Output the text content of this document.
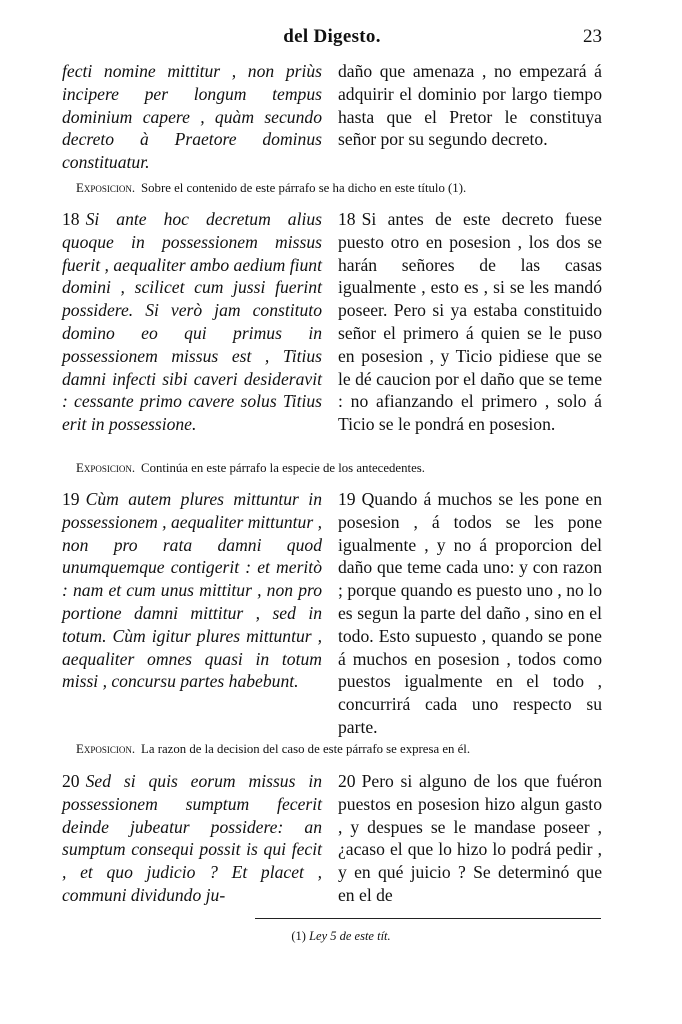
del Digesto.	23

fecti nomine mittitur , non priùs incipere per longum tempus dominium capere , quàm secundo decreto à Praetore dominus constituatur.

daño que amenaza , no empezará á adquirir el dominio por largo tiempo hasta que el Pretor le constituya señor por su segundo decreto.

Exposicion. Sobre el contenido de este párrafo se ha dicho en este título (1).

18 Si ante hoc decretum alius quoque in possessionem missus fuerit , aequaliter ambo aedium fiunt domini , scilicet cum jussi fuerint possidere. Si verò jam constituto domino eo qui primus in possessionem missus est , Titius damni infecti sibi caveri desideravit : cessante primo cavere solus Titius erit in possessione.

18 Si antes de este decreto fuese puesto otro en posesion , los dos se harán señores de las casas igualmente , esto es , si se les mandó poseer. Pero si ya estaba constituido señor el primero á quien se le puso en posesion , y Ticio pidiese que se le dé caucion por el daño que se teme : no afianzando el primero , solo á Ticio se le pondrá en posesion.

Exposicion. Continúa en este párrafo la especie de los antecedentes.

19 Cùm autem plures mittuntur in possessionem , aequaliter mittuntur , non pro rata damni quod unumquemque contigerit : et meritò : nam et cum unus mittitur , non pro portione damni mittitur , sed in totum. Cùm igitur plures mittuntur , aequaliter omnes quasi in totum missi , concursu partes habebunt.

19 Quando á muchos se les pone en posesion , á todos se les pone igualmente , y no á proporcion del daño que teme cada uno: y con razon ; porque quando es puesto uno , no lo es segun la parte del daño , sino en el todo. Esto supuesto , quando se pone á muchos en posesion , todos como puestos igualmente en el todo , concurrirá cada uno respecto su parte.

Exposicion. La razon de la decision del caso de este párrafo se expresa en él.

20 Sed si quis eorum missus in possessionem sumptum fecerit deinde jubeatur possidere: an sumptum consequi possit is qui fecit , et quo judicio ? Et placet , communi dividundo ju-

20 Pero si alguno de los que fuéron puestos en posesion hizo algun gasto , y despues se le mandase poseer , ¿acaso el que lo hizo lo podrá pedir , y en qué juicio ? Se determinó que en el de

(1) Ley 5 de este tít.
